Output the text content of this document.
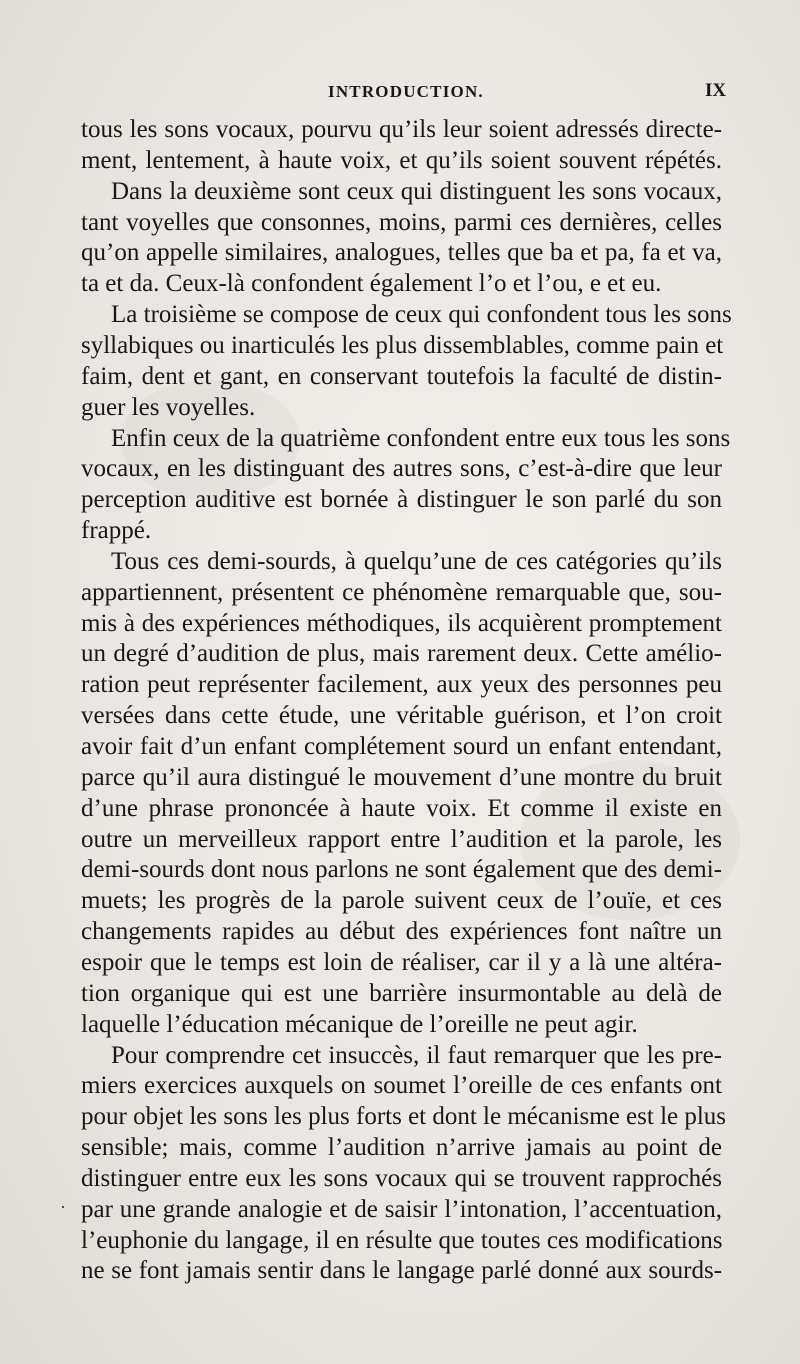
INTRODUCTION.	IX
tous les sons vocaux, pourvu qu’ils leur soient adressés directe-
ment, lentement, à haute voix, et qu’ils soient souvent répétés.
Dans la deuxième sont ceux qui distinguent les sons vocaux,
tant voyelles que consonnes, moins, parmi ces dernières, celles
qu’on appelle similaires, analogues, telles que ba et pa, fa et va,
ta et da. Ceux-là confondent également l’o et l’ou, e et eu.
La troisième se compose de ceux qui confondent tous les sons
syllabiques ou inarticulés les plus dissemblables, comme pain et
faim, dent et gant, en conservant toutefois la faculté de distin-
guer les voyelles.
Enfin ceux de la quatrième confondent entre eux tous les sons
vocaux, en les distinguant des autres sons, c’est-à-dire que leur
perception auditive est bornée à distinguer le son parlé du son
frappé.
Tous ces demi-sourds, à quelqu’une de ces catégories qu’ils
appartiennent, présentent ce phénomène remarquable que, sou-
mis à des expériences méthodiques, ils acquièrent promptement
un degré d’audition de plus, mais rarement deux. Cette amélio-
ration peut représenter facilement, aux yeux des personnes peu
versées dans cette étude, une véritable guérison, et l’on croit
avoir fait d’un enfant complétement sourd un enfant entendant,
parce qu’il aura distingué le mouvement d’une montre du bruit
d’une phrase prononcée à haute voix. Et comme il existe en
outre un merveilleux rapport entre l’audition et la parole, les
demi-sourds dont nous parlons ne sont également que des demi-
muets; les progrès de la parole suivent ceux de l’ouïe, et ces
changements rapides au début des expériences font naître un
espoir que le temps est loin de réaliser, car il y a là une altéra-
tion organique qui est une barrière insurmontable au delà de
laquelle l’éducation mécanique de l’oreille ne peut agir.
Pour comprendre cet insuccès, il faut remarquer que les pre-
miers exercices auxquels on soumet l’oreille de ces enfants ont
pour objet les sons les plus forts et dont le mécanisme est le plus
sensible; mais, comme l’audition n’arrive jamais au point de
distinguer entre eux les sons vocaux qui se trouvent rapprochés
par une grande analogie et de saisir l’intonation, l’accentuation,
l’euphonie du langage, il en résulte que toutes ces modifications
ne se font jamais sentir dans le langage parlé donné aux sourds-
·
